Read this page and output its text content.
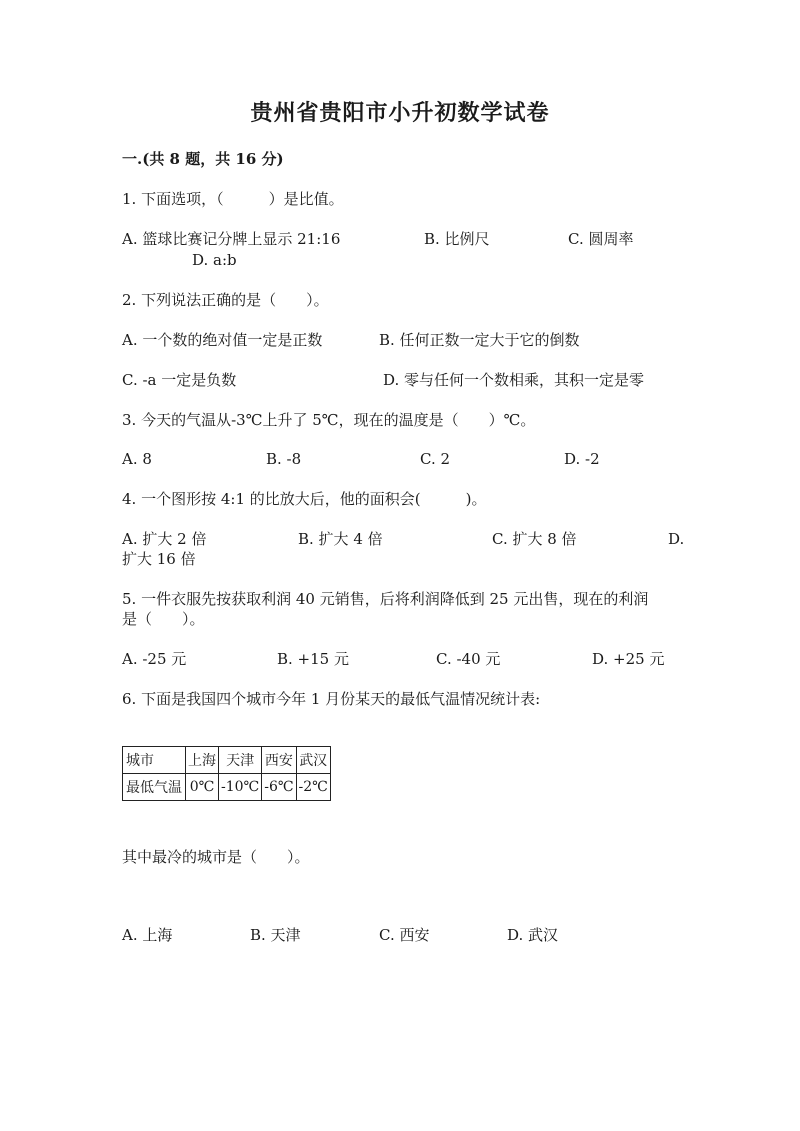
贵州省贵阳市小升初数学试卷
一.(共 8 题，共 16 分)
1. 下面选项，（　　　）是比值。
A. 篮球比赛记分牌上显示 21:16	B. 比例尺	C. 圆周率
D. a:b
2. 下列说法正确的是（　　）。
A. 一个数的绝对值一定是正数	B. 任何正数一定大于它的倒数
C. -a 一定是负数	D. 零与任何一个数相乘，其积一定是零
3. 今天的气温从-3℃上升了 5℃，现在的温度是（　　）℃。
A. 8	B. -8	C. 2	D. -2
4. 一个图形按 4:1 的比放大后，他的面积会(　　　)。
A. 扩大 2 倍	B. 扩大 4 倍	C. 扩大 8 倍	D.
扩大 16 倍
5. 一件衣服先按获取利润 40 元销售，后将利润降低到 25 元出售，现在的利润
是（　　）。
A. -25 元	B. +15 元	C. -40 元	D. +25 元
6. 下面是我国四个城市今年 1 月份某天的最低气温情况统计表:
城市	上海	天津	西安	武汉
最低气温	0℃	-10℃	-6℃	-2℃
其中最冷的城市是（　　）。
A. 上海	B. 天津	C. 西安	D. 武汉
